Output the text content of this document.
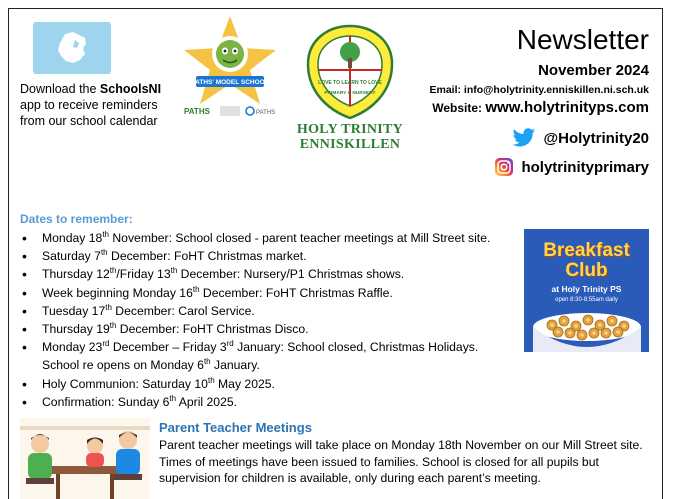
Download the SchoolsNI app to receive reminders from our school calendar
PATHS' MODEL SCHOOL
PATHS	PATHS
LOVE TO LEARN TO LOVE
PRIMARY & NURSERY
HOLY TRINITY
ENNISKILLEN
Newsletter
November 2024
Email: info@holytrinity.enniskillen.ni.sch.uk
Website: www.holytrinityps.com
@Holytrinity20
holytrinityprimary
Dates to remember:
• Monday 18th November: School closed - parent teacher meetings at Mill Street site.
• Saturday 7th December: FoHT Christmas market.
• Thursday 12th/Friday 13th December: Nursery/P1 Christmas shows.
• Week beginning Monday 16th December: FoHT Christmas Raffle.
• Tuesday 17th December: Carol Service.
• Thursday 19th December: FoHT Christmas Disco.
• Monday 23rd December – Friday 3rd January: School closed, Christmas Holidays.
School re opens on Monday 6th January.
• Holy Communion: Saturday 10th May 2025.
• Confirmation: Sunday 6th April 2025.
Breakfast
Club
at Holy Trinity PS
open 8:30-8:55am daily
Parent Teacher Meetings
Parent teacher meetings will take place on Monday 18th November on our Mill Street site. Times of meetings have been issued to families. School is closed for all pupils but supervision for children is available, only during each parent’s meeting.
